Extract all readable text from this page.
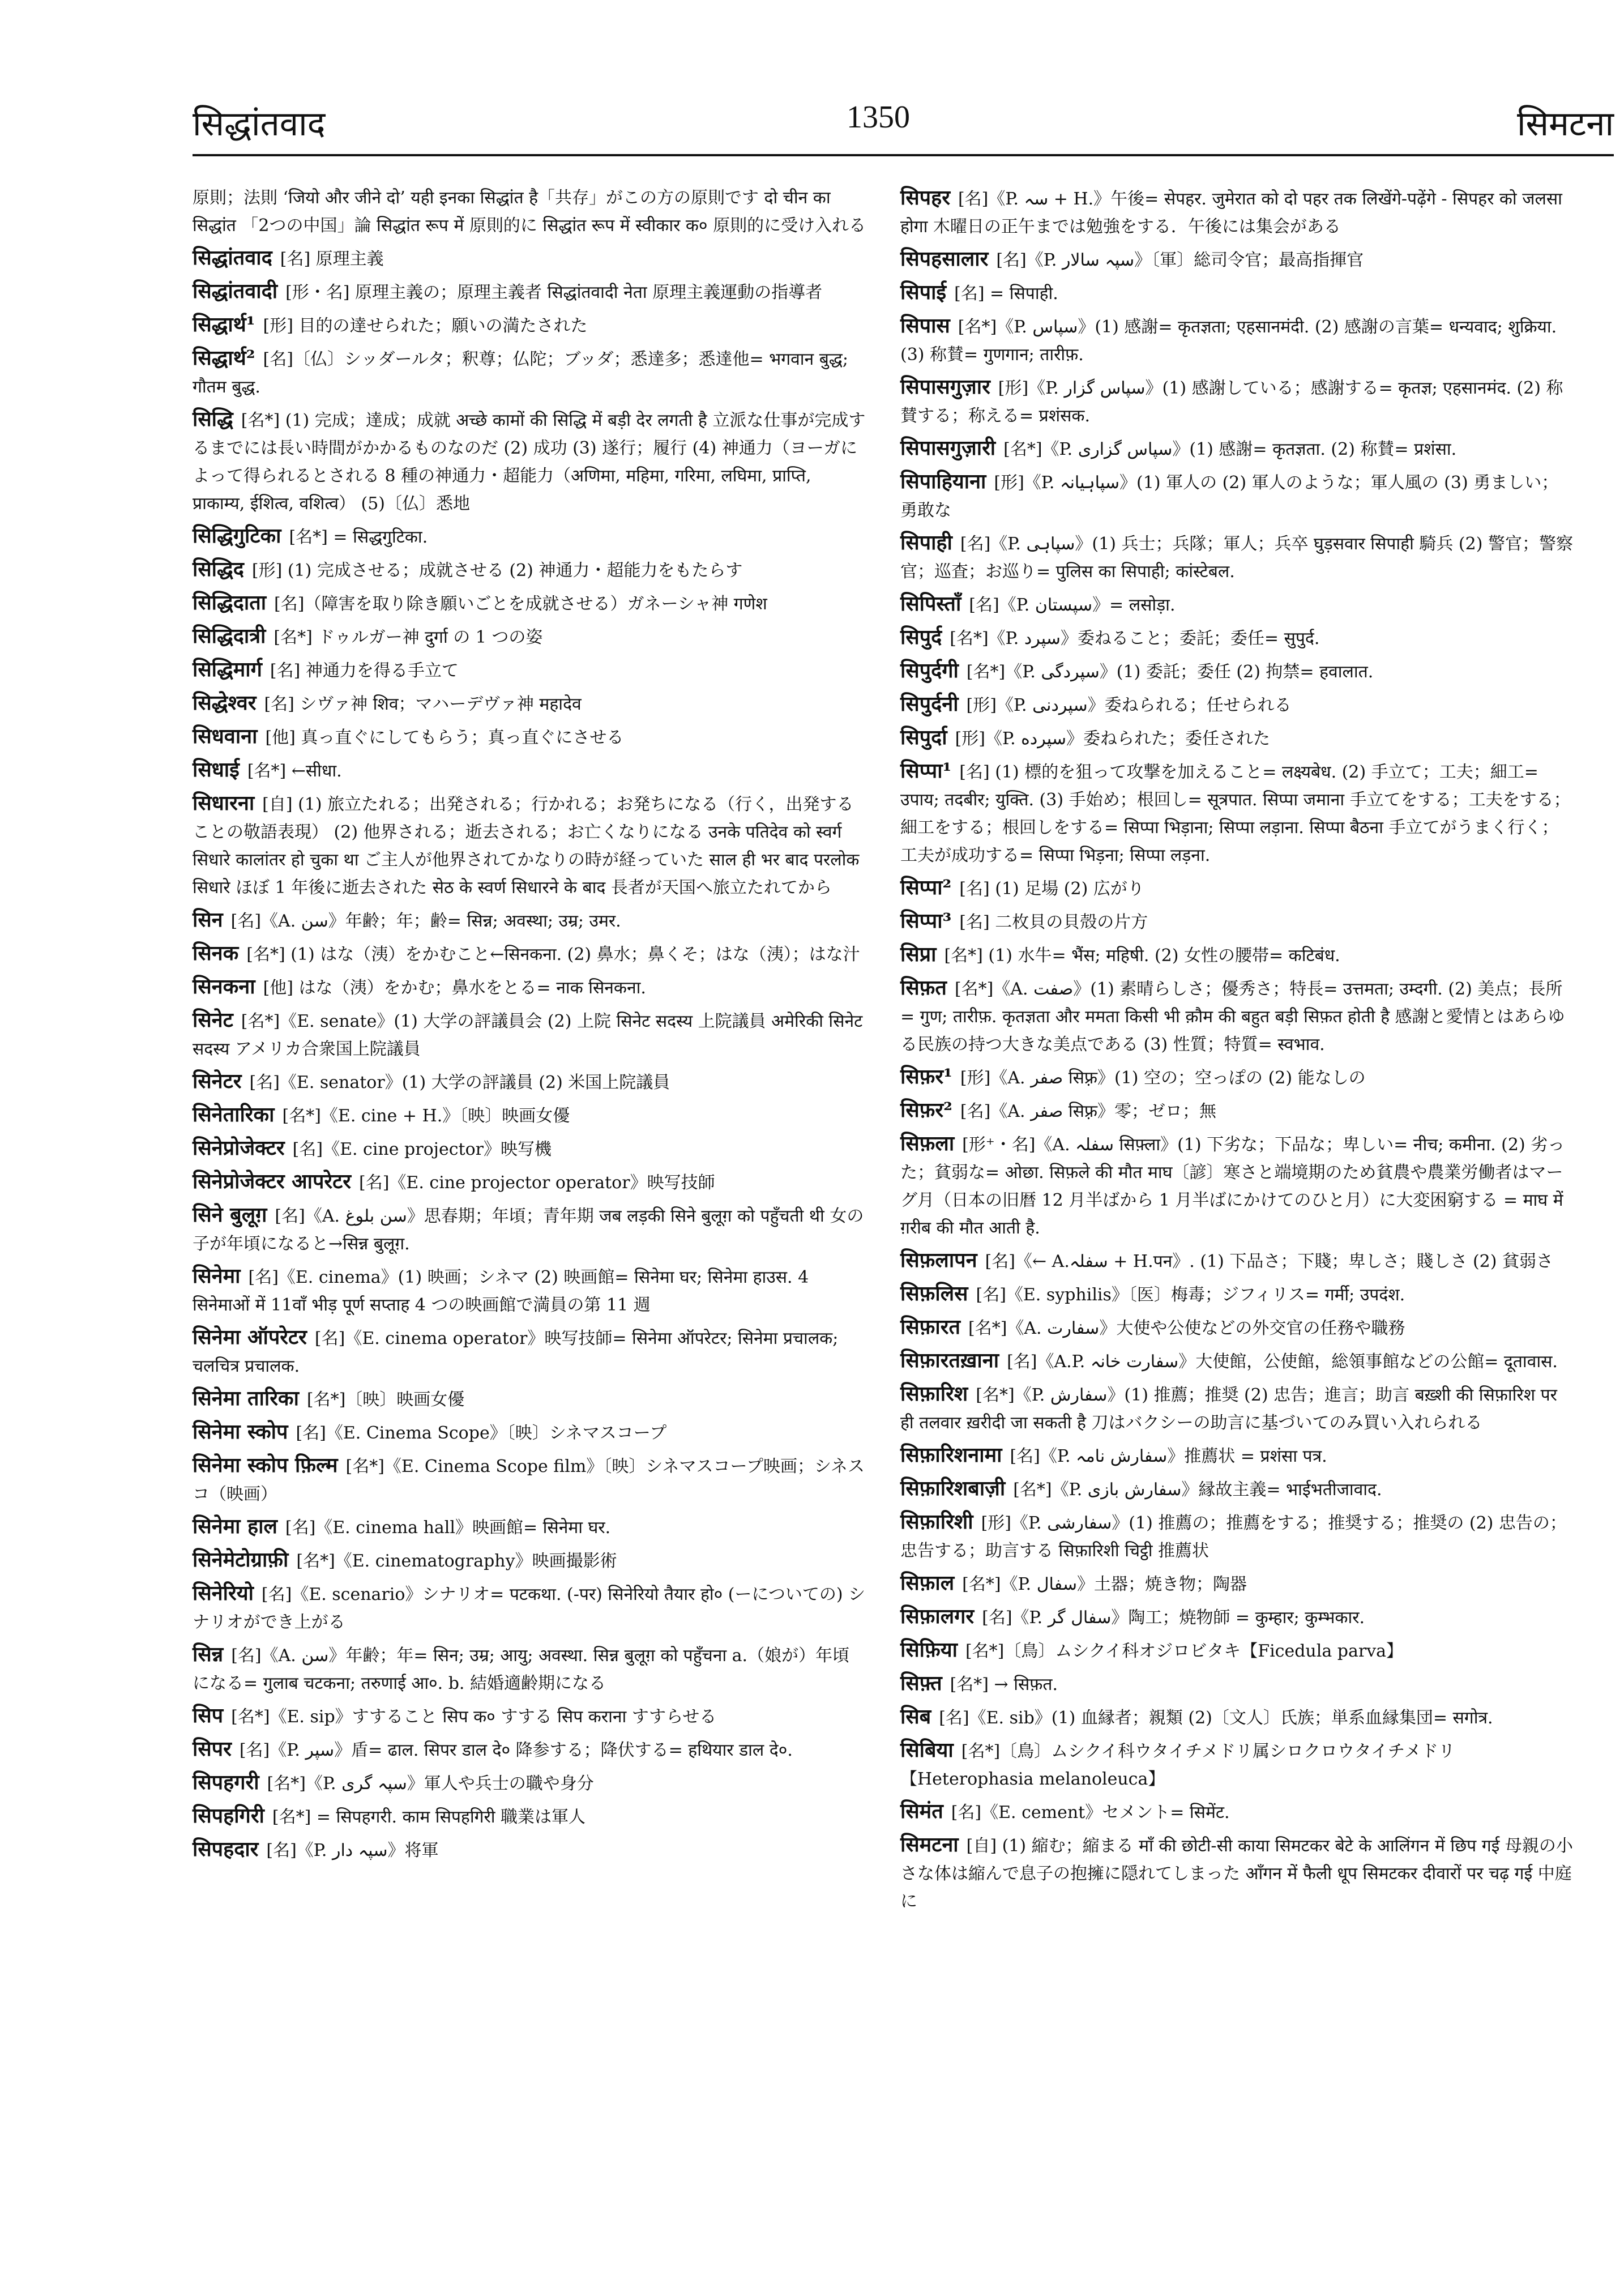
सिद्धांतवाद	1350	सिमटना

原則；法則 ‘जियो और जीने दो’ यही इनका सिद्धांत है「共存」がこの方の原則です दो चीन का सिद्धांत 「2つの中国」論 सिद्धांत रूप में 原則的に सिद्धांत रूप में स्वीकार क० 原則的に受け入れる

सिद्धांतवाद [名] 原理主義

सिद्धांतवादी [形・名] 原理主義の；原理主義者 सिद्धांतवादी नेता 原理主義運動の指導者

सिद्धार्थ¹ [形] 目的の達せられた；願いの満たされた

सिद्धार्थ² [名]〔仏〕シッダールタ；釈尊；仏陀；ブッダ；悉達多；悉達他= भगवान बुद्ध; गौतम बुद्ध.

सिद्धि [名*] (1) 完成；達成；成就 अच्छे कामों की सिद्धि में बड़ी देर लगती है 立派な仕事が完成するまでには長い時間がかかるものなのだ (2) 成功 (3) 遂行；履行 (4) 神通力（ヨーガによって得られるとされる 8 種の神通力・超能力（अणिमा, महिमा, गरिमा, लघिमा, प्राप्ति, प्राकाम्य, ईशित्व, वशित्व） (5)〔仏〕悉地

सिद्धिगुटिका [名*] = सिद्धगुटिका.

सिद्धिद [形] (1) 完成させる；成就させる (2) 神通力・超能力をもたらす

सिद्धिदाता [名]（障害を取り除き願いごとを成就させる）ガネーシャ神 गणेश

सिद्धिदात्री [名*] ドゥルガー神 दुर्गा の 1 つの姿

सिद्धिमार्ग [名] 神通力を得る手立て

सिद्धेश्वर [名] シヴァ神 शिव；マハーデヴァ神 महादेव

सिधवाना [他] 真っ直ぐにしてもらう；真っ直ぐにさせる

सिधाई [名*] ←सीधा.

सिधारना [自] (1) 旅立たれる；出発される；行かれる；お発ちになる（行く，出発することの敬語表現） (2) 他界される；逝去される；お亡くなりになる उनके पतिदेव को स्वर्ग सिधारे कालांतर हो चुका था ご主人が他界されてかなりの時が経っていた साल ही भर बाद परलोक सिधारे ほぼ 1 年後に逝去された सेठ के स्वर्ण सिधारने के बाद 長者が天国へ旅立たれてから

सिन [名]《A. سن》年齢；年；齢= सिन्न; अवस्था; उम्र; उमर.

सिनक [名*] (1) はな（洟）をかむこと←सिनकना. (2) 鼻水；鼻くそ；はな（洟）；はな汁

सिनकना [他] はな（洟）をかむ；鼻水をとる= नाक सिनकना.

सिनेट [名*]《E. senate》(1) 大学の評議員会 (2) 上院 सिनेट सदस्य 上院議員 अमेरिकी सिनेट सदस्य アメリカ合衆国上院議員

सिनेटर [名]《E. senator》(1) 大学の評議員 (2) 米国上院議員

सिनेतारिका [名*]《E. cine + H.》〔映〕映画女優

सिनेप्रोजेक्टर [名]《E. cine projector》映写機

सिनेप्रोजेक्टर आपरेटर [名]《E. cine projector operator》映写技師

सिने बुलूग़ [名]《A. سن بلوغ》思春期；年頃；青年期 जब लड़की सिने बुलूग़ को पहुँचती थी 女の子が年頃になると→सिन्न बुलूग़.

सिनेमा [名]《E. cinema》(1) 映画；シネマ (2) 映画館= सिनेमा घर; सिनेमा हाउस. 4 सिनेमाओं में 11वाँ भीड़ पूर्ण सप्ताह 4 つの映画館で満員の第 11 週

सिनेमा ऑपरेटर [名]《E. cinema operator》映写技師= सिनेमा ऑपरेटर; सिनेमा प्रचालक; चलचित्र प्रचालक.

सिनेमा तारिका [名*]〔映〕映画女優

सिनेमा स्कोप [名]《E. Cinema Scope》〔映〕シネマスコープ

सिनेमा स्कोप फ़िल्म [名*]《E. Cinema Scope film》〔映〕シネマスコープ映画；シネスコ（映画）

सिनेमा हाल [名]《E. cinema hall》映画館= सिनेमा घर.

सिनेमेटोग्राफ़ी [名*]《E. cinematography》映画撮影術

सिनेरियो [名]《E. scenario》シナリオ= पटकथा. (-पर) सिनेरियो तैयार हो० (ーについての) シナリオができ上がる

सिन्न [名]《A. سن》年齢；年= सिन; उम्र; आयु; अवस्था. सिन्न बुलूग़ को पहुँचना a.（娘が）年頃になる= गुलाब चटकना; तरुणाई आ०. b. 結婚適齢期になる

सिप [名*]《E. sip》すすること सिप क० すする सिप कराना すすらせる

सिपर [名]《P. سپر》盾= ढाल. सिपर डाल दे० 降参する；降伏する= हथियार डाल दे०.

सिपहगरी [名*]《P. سپہ گری》軍人や兵士の職や身分

सिपहगिरी [名*] = सिपहगरी. काम सिपहगिरी 職業は軍人

सिपहदार [名]《P. سپہ دار》将軍

सिपहर [名]《P. سہ + H.》午後= सेपहर. जुमेरात को दो पहर तक लिखेंगे-पढ़ेंगे - सिपहर को जलसा होगा 木曜日の正午までは勉強をする．午後には集会がある

सिपहसालार [名]《P. سپہ سالار》〔軍〕総司令官；最高指揮官

सिपाई [名] = सिपाही.

सिपास [名*]《P. سپاس》(1) 感謝= कृतज्ञता; एहसानमंदी. (2) 感謝の言葉= धन्यवाद; शुक्रिया. (3) 称賛= गुणगान; तारीफ़.

सिपासगुज़ार [形]《P. سپاس گزار》(1) 感謝している；感謝する= कृतज्ञ; एहसानमंद. (2) 称賛する；称える= प्रशंसक.

सिपासगुज़ारी [名*]《P. سپاس گزاری》(1) 感謝= कृतज्ञता. (2) 称賛= प्रशंसा.

सिपाहियाना [形]《P. سپاہیانہ》(1) 軍人の (2) 軍人のような；軍人風の (3) 勇ましい；勇敢な

सिपाही [名]《P. سپاہی》(1) 兵士；兵隊；軍人；兵卒 घुड़सवार सिपाही 騎兵 (2) 警官；警察官；巡査；お巡り= पुलिस का सिपाही; कांस्टेबल.

सिपिस्ताँ [名]《P. سپستان》= लसोड़ा.

सिपुर्द [名*]《P. سپرد》委ねること；委託；委任= सुपुर्द.

सिपुर्दगी [名*]《P. سپردگی》(1) 委託；委任 (2) 拘禁= हवालात.

सिपुर्दनी [形]《P. سپردنی》委ねられる；任せられる

सिपुर्दा [形]《P. سپرده》委ねられた；委任された

सिप्पा¹ [名] (1) 標的を狙って攻撃を加えること= लक्ष्यबेध. (2) 手立て；工夫；細工= उपाय; तदबीर; युक्ति. (3) 手始め；根回し= सूत्रपात. सिप्पा जमाना 手立てをする；工夫をする；細工をする；根回しをする= सिप्पा भिड़ाना; सिप्पा लड़ाना. सिप्पा बैठना 手立てがうまく行く；工夫が成功する= सिप्पा भिड़ना; सिप्पा लड़ना.

सिप्पा² [名] (1) 足場 (2) 広がり

सिप्पा³ [名] 二枚貝の貝殻の片方

सिप्रा [名*] (1) 水牛= भैंस; महिषी. (2) 女性の腰帯= कटिबंध.

सिफ़त [名*]《A. صفت》(1) 素晴らしさ；優秀さ；特長= उत्तमता; उम्दगी. (2) 美点；長所= गुण; तारीफ़. कृतज्ञता और ममता किसी भी क़ौम की बहुत बड़ी सिफ़त होती है 感謝と愛情とはあらゆる民族の持つ大きな美点である (3) 性質；特質= स्वभाव.

सिफ़र¹ [形]《A. صفر सिफ़्र》(1) 空の；空っぽの (2) 能なしの

सिफ़र² [名]《A. صفر सिफ़्र》零；ゼロ；無

सिफ़ला [形⁺・名]《A. سفلہ सिफ़्ला》(1) 下劣な；下品な；卑しい= नीच; कमीना. (2) 劣った；貧弱な= ओछा. सिफ़ले की मौत माघ〔諺〕寒さと端境期のため貧農や農業労働者はマーグ月（日本の旧暦 12 月半ばから 1 月半ばにかけてのひと月）に大変困窮する = माघ में ग़रीब की मौत आती है.

सिफ़लापन [名]《← A.سفلہ + H.पन》. (1) 下品さ；下賤；卑しさ；賤しさ (2) 貧弱さ

सिफ़लिस [名]《E. syphilis》〔医〕梅毒；ジフィリス= गर्मी; उपदंश.

सिफ़ारत [名*]《A. سفارت》大使や公使などの外交官の任務や職務

सिफ़ारतख़ाना [名]《A.P. سفارت خانہ》大使館，公使館，総領事館などの公館= दूतावास.

सिफ़ारिश [名*]《P. سفارش》(1) 推薦；推奨 (2) 忠告；進言；助言 बख़्शी की सिफ़ारिश पर ही तलवार ख़रीदी जा सकती है 刀はバクシーの助言に基づいてのみ買い入れられる

सिफ़ारिशनामा [名]《P. سفارش نامہ》推薦状 = प्रशंसा पत्र.

सिफ़ारिशबाज़ी [名*]《P. سفارش بازی》縁故主義= भाईभतीजावाद.

सिफ़ारिशी [形]《P. سفارشی》(1) 推薦の；推薦をする；推奨する；推奨の (2) 忠告の；忠告する；助言する सिफ़ारिशी चिट्ठी 推薦状

सिफ़ाल [名*]《P. سفال》土器；焼き物；陶器

सिफ़ालगर [名]《P. سفال گر》陶工；焼物師 = कुम्हार; कुम्भकार.

सिफ़िया [名*]〔鳥〕ムシクイ科オジロビタキ【Ficedula parva】

सिफ़्त [名*] → सिफ़त.

सिब [名]《E. sib》(1) 血縁者；親類 (2)〔文人〕氏族；単系血縁集団= सगोत्र.

सिबिया [名*]〔鳥〕ムシクイ科ウタイチメドリ属シロクロウタイチメドリ【Heterophasia melanoleuca】

सिमंत [名]《E. cement》セメント= सिमेंट.

सिमटना [自] (1) 縮む；縮まる माँ की छोटी-सी काया सिमटकर बेटे के आलिंगन में छिप गई 母親の小さな体は縮んで息子の抱擁に隠れてしまった आँगन में फैली धूप सिमटकर दीवारों पर चढ़ गई 中庭に
